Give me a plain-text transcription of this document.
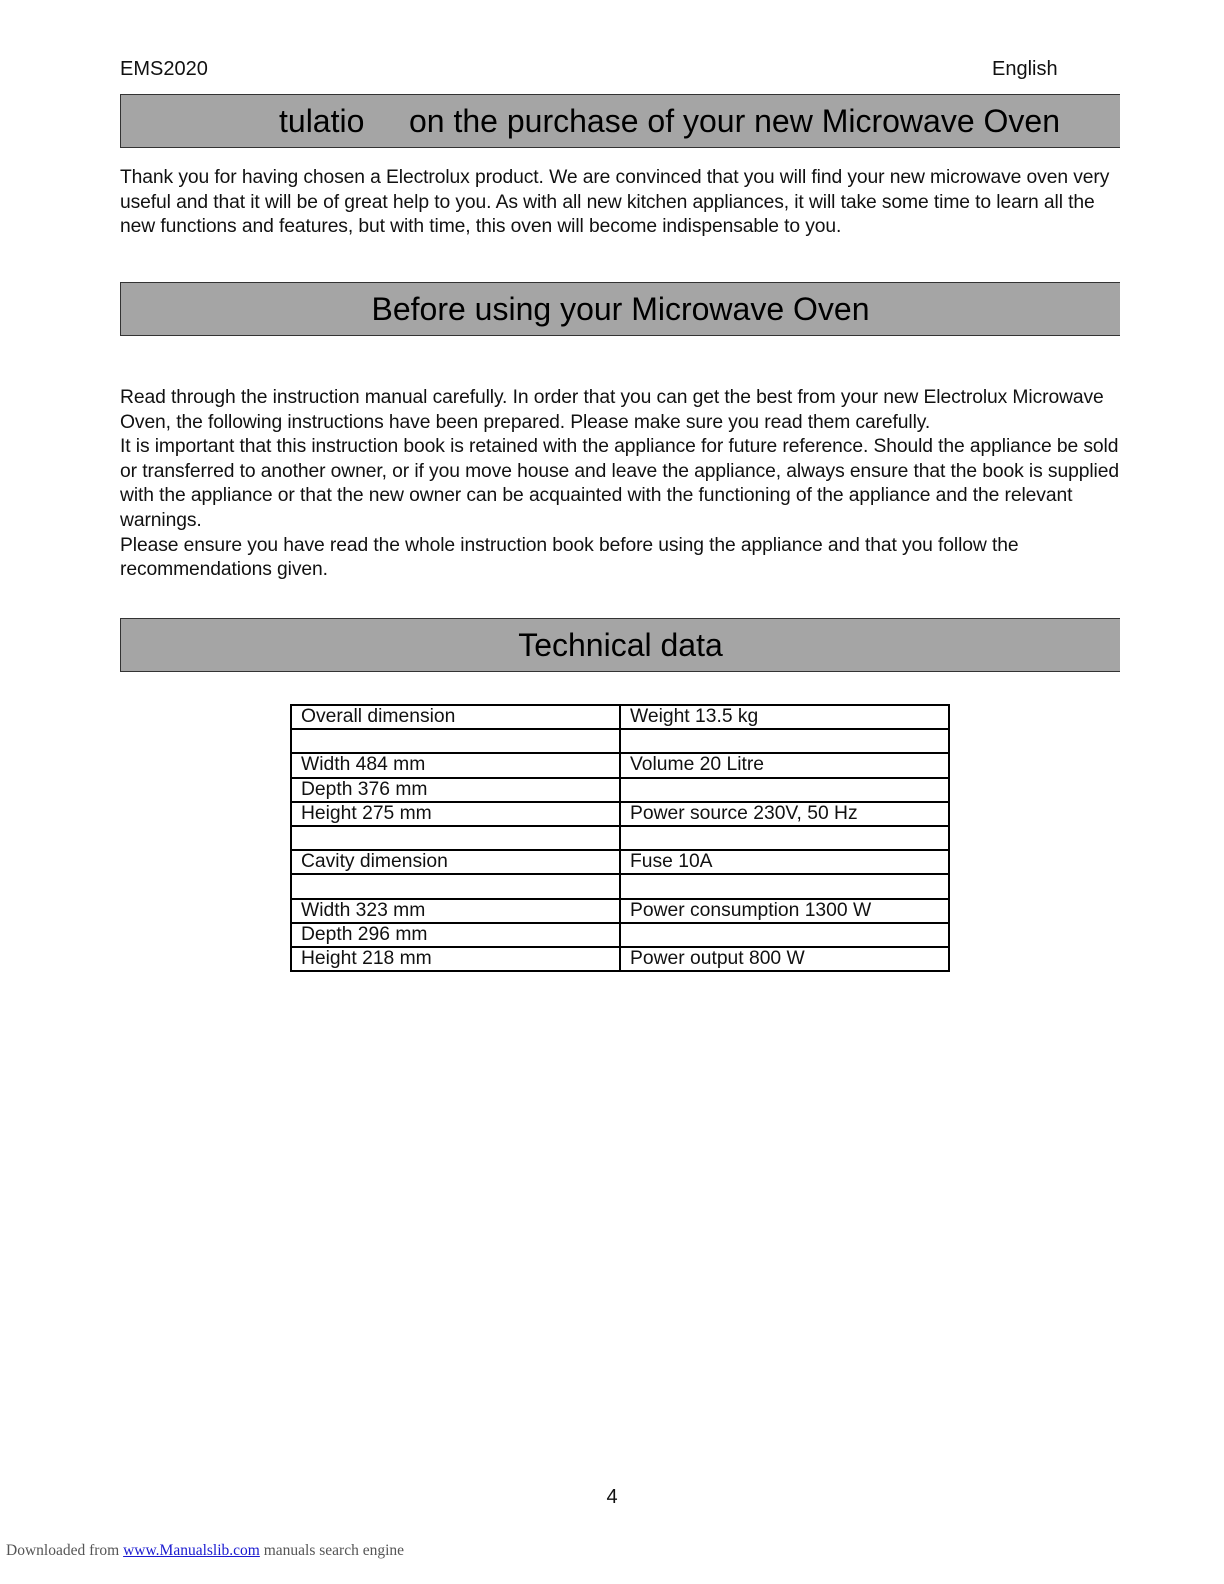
EMS2020	English
tulatio on the purchase of your new Microwave Oven

Thank you for having chosen a Electrolux product. We are convinced that you will find your new microwave oven very useful and that it will be of great help to you. As with all new kitchen appliances, it will take some time to learn all the new functions and features, but with time, this oven will become indispensable to you.

Before using your Microwave Oven
Read through the instruction manual carefully. In order that you can get the best from your new Electrolux Microwave Oven, the following instructions have been prepared. Please make sure you read them carefully.
It is important that this instruction book is retained with the appliance for future reference. Should the appliance be sold or transferred to another owner, or if you move house and leave the appliance, always ensure that the book is supplied with the appliance or that the new owner can be acquainted with the functioning of the appliance and the relevant warnings.
Please ensure you have read the whole instruction book before using the appliance and that you follow the recommendations given.
Technical data
Overall dimension	Weight 13.5 kg

Width 484 mm	Volume 20 Litre
Depth 376 mm	
Height 275 mm	Power source 230V, 50 Hz

Cavity dimension	Fuse 10A

Width 323 mm	Power consumption 1300 W
Depth 296 mm	
Height 218 mm	Power output 800 W
4
Downloaded from www.Manualslib.com manuals search engine
